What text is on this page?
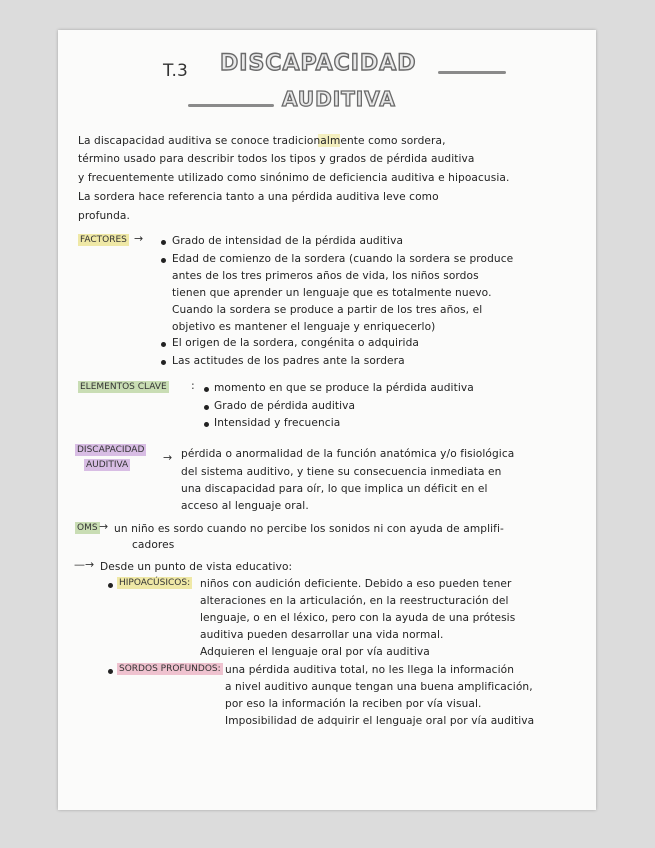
T.3 DISCAPACIDAD
AUDITIVA
La discapacidad auditiva se conoce tradicionalmente como sordera,
término usado para describir todos los tipos y grados de pérdida auditiva
y frecuentemente utilizado como sinónimo de deficiencia auditiva e hipoacusia.
La sordera hace referencia tanto a una pérdida auditiva leve como
profunda.
FACTORES →	Grado de intensidad de la pérdida auditiva
Edad de comienzo de la sordera (cuando la sordera se produce
antes de los tres primeros años de vida, los niños sordos
tienen que aprender un lenguaje que es totalmente nuevo.
Cuando la sordera se produce a partir de los tres años, el
objetivo es mantener el lenguaje y enriquecerlo)
El origen de la sordera, congénita o adquirida
Las actitudes de los padres ante la sordera
ELEMENTOS CLAVE : momento en que se produce la pérdida auditiva
Grado de pérdida auditiva
Intensidad y frecuencia
DISCAPACIDAD
AUDITIVA
→ pérdida o anormalidad de la función anatómica y/o fisiológica
del sistema auditivo, y tiene su consecuencia inmediata en
una discapacidad para oír, lo que implica un déficit en el
acceso al lenguaje oral.
OMS → un niño es sordo cuando no percibe los sonidos ni con ayuda de amplifi-
cadores
—→ Desde un punto de vista educativo:
HIPOACÚSICOS: niños con audición deficiente. Debido a eso pueden tener
alteraciones en la articulación, en la reestructuración del
lenguaje, o en el léxico, pero con la ayuda de una prótesis
auditiva pueden desarrollar una vida normal.
Adquieren el lenguaje oral por vía auditiva
SORDOS PROFUNDOS: una pérdida auditiva total, no les llega la información
a nivel auditivo aunque tengan una buena amplificación,
por eso la información la reciben por vía visual.
Imposibilidad de adquirir el lenguaje oral por vía auditiva
